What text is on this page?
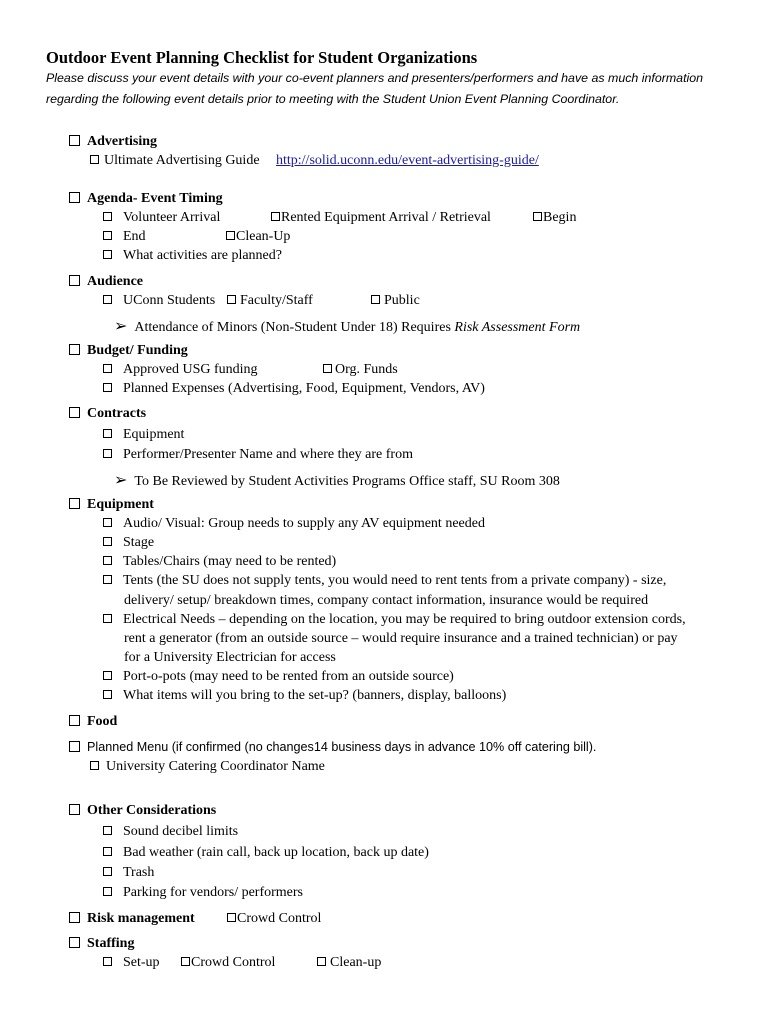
Outdoor Event Planning Checklist for Student Organizations
Please discuss your event details with your co-event planners and presenters/performers and have as much information
regarding the following event details prior to meeting with the Student Union Event Planning Coordinator.
Advertising
Ultimate Advertising Guide http://solid.uconn.edu/event-advertising-guide/
Agenda- Event Timing
Volunteer Arrival	Rented Equipment Arrival / Retrieval	Begin
End	Clean-Up
What activities are planned?
Audience
UConn Students	Faculty/Staff	Public
➢ Attendance of Minors (Non-Student Under 18) Requires Risk Assessment Form
Budget/ Funding
Approved USG funding	Org. Funds
Planned Expenses (Advertising, Food, Equipment, Vendors, AV)
Contracts
Equipment
Performer/Presenter Name and where they are from
➢ To Be Reviewed by Student Activities Programs Office staff, SU Room 308
Equipment
Audio/ Visual: Group needs to supply any AV equipment needed
Stage
Tables/Chairs (may need to be rented)
Tents (the SU does not supply tents, you would need to rent tents from a private company) - size,
delivery/ setup/ breakdown times, company contact information, insurance would be required
Electrical Needs – depending on the location, you may be required to bring outdoor extension cords,
rent a generator (from an outside source – would require insurance and a trained technician) or pay
for a University Electrician for access
Port-o-pots (may need to be rented from an outside source)
What items will you bring to the set-up? (banners, display, balloons)
Food
Planned Menu (if confirmed (no changes14 business days in advance 10% off catering bill).
University Catering Coordinator Name
Other Considerations
Sound decibel limits
Bad weather (rain call, back up location, back up date)
Trash
Parking for vendors/ performers
Risk management	Crowd Control
Staffing
Set-up	Crowd Control	Clean-up
